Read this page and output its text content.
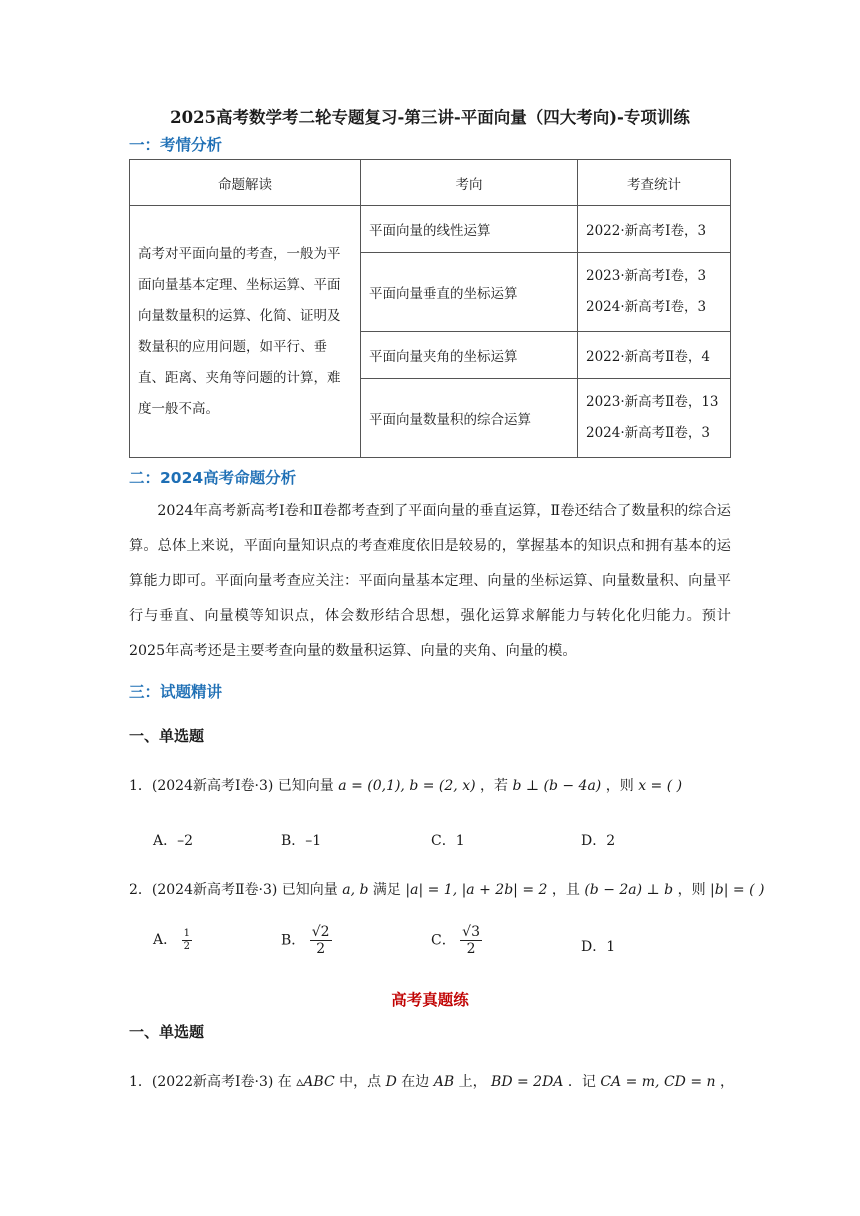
2025高考数学考二轮专题复习-第三讲-平面向量（四大考向)-专项训练
一：考情分析
命题解读	考向	考查统计
高考对平面向量的考查，一般为平面向量基本定理、坐标运算、平面向量数量积的运算、化简、证明及数量积的应用问题，如平行、垂直、距离、夹角等问题的计算，难度一般不高。	平面向量的线性运算	2022·新高考Ⅰ卷，3

	平面向量垂直的坐标运算	2023·新高考Ⅰ卷，3
2024·新高考Ⅰ卷，3

	平面向量夹角的坐标运算	2022·新高考Ⅱ卷，4

	平面向量数量积的综合运算	2023·新高考Ⅱ卷，13
2024·新高考Ⅱ卷，3
二：2024高考命题分析

2024年高考新高考Ⅰ卷和Ⅱ卷都考查到了平面向量的垂直运算，Ⅱ卷还结合了数量积的综合运算。总体上来说，平面向量知识点的考查难度依旧是较易的，掌握基本的知识点和拥有基本的运算能力即可。平面向量考查应关注：平面向量基本定理、向量的坐标运算、向量数量积、向量平行与垂直、向量模等知识点，体会数形结合思想，强化运算求解能力与转化化归能力。预计2025年高考还是主要考查向量的数量积运算、向量的夹角、向量的模。

三：试题精讲
一、单选题
1．(2024新高考Ⅰ卷·3) 已知向量 a = (0,1), b = (2, x) ，若 b ⊥ (b − 4a) ，则 x = ( )
A．–2	B．–1	C．1	D．2
2．(2024新高考Ⅱ卷·3) 已知向量 a, b 满足 |a| = 1, |a + 2b| = 2 ，且 (b − 2a) ⊥ b ，则 |b| = ( )
A． $\frac{1}{2}$	B． $\frac{√2}{2}$	C． $\frac{√3}{2}$	D．1
高考真题练
一、单选题
1．(2022新高考Ⅰ卷·3) 在 ▵ABC 中，点 D 在边 AB 上， BD = 2DA ．记 CA = m, CD = n ，
